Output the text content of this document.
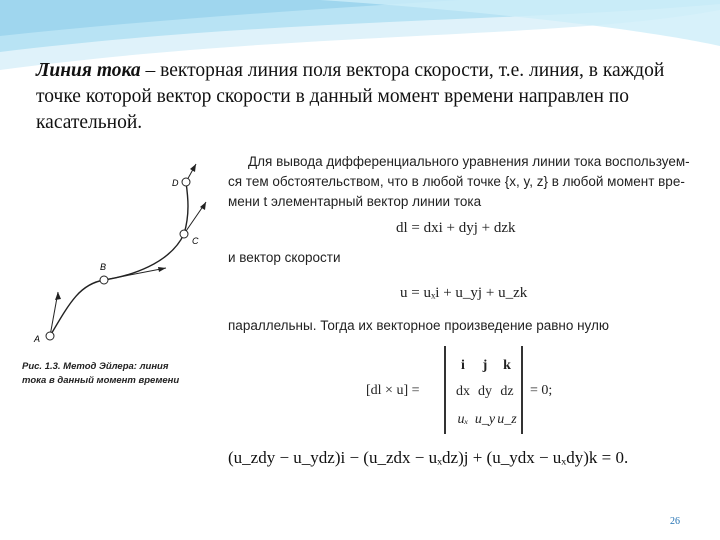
Линия тока – векторная линия поля вектора скорости, т.е. линия, в каждой точке которой вектор скорости в данный момент времени направлен по касательной.

A
B
C
D
Рис. 1.3. Метод Эйлера: линия
тока в данный момент времени
Для вывода дифференциального уравнения линии тока воспользуем-
ся тем обстоятельством, что в любой точке {x, y, z} в любой момент вре-
мени t элементарный вектор линии тока
dl = dxi + dyj + dzk
и вектор скорости
u = uₓi + u_yj + u_zk
параллельны. Тогда их векторное произведение равно нулю
[dl × u] =
i	j	k
dx dy dz
uₓ u_y u_z
= 0;
(u_zdy − u_ydz)i − (u_zdx − uₓdz)j + (u_ydx − uₓdy)k = 0.
26
